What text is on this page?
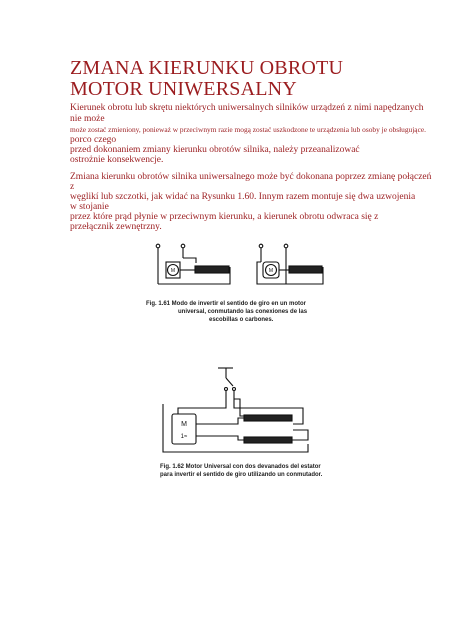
ZMANA KIERUNKU OBROTU
MOTOR UNIWERSALNY
Kierunek obrotu lub skrętu niektórych uniwersalnych silników urządzeń z nimi napędzanych
nie może
może zostać zmieniony, ponieważ w przeciwnym razie mogą zostać uszkodzone te urządzenia lub osoby je obsługujące.
porco czego
przed dokonaniem zmiany kierunku obrotów silnika, należy przeanalizować
ostrożnie konsekwencje.
Zmiana kierunku obrotów silnika uniwersalnego może być dokonana poprzez zmianę połączeń
z
węglikí lub szczotki, jak widać na Rysunku 1.60. Innym razem montuje się dwa uzwojenia
w stojanie
przez które prąd płynie w przeciwnym kierunku, a kierunek obrotu odwraca się z
przełącznik zewnętrzny.
M	M
Fig. 1.61 Modo de invertir el sentido de giro en un motor
universal, conmutando las conexiones de las
escobillas o carbones.
M
1≈
Fig. 1.62 Motor Universal con dos devanados del estator
para invertir el sentido de giro utilizando un conmutador.
